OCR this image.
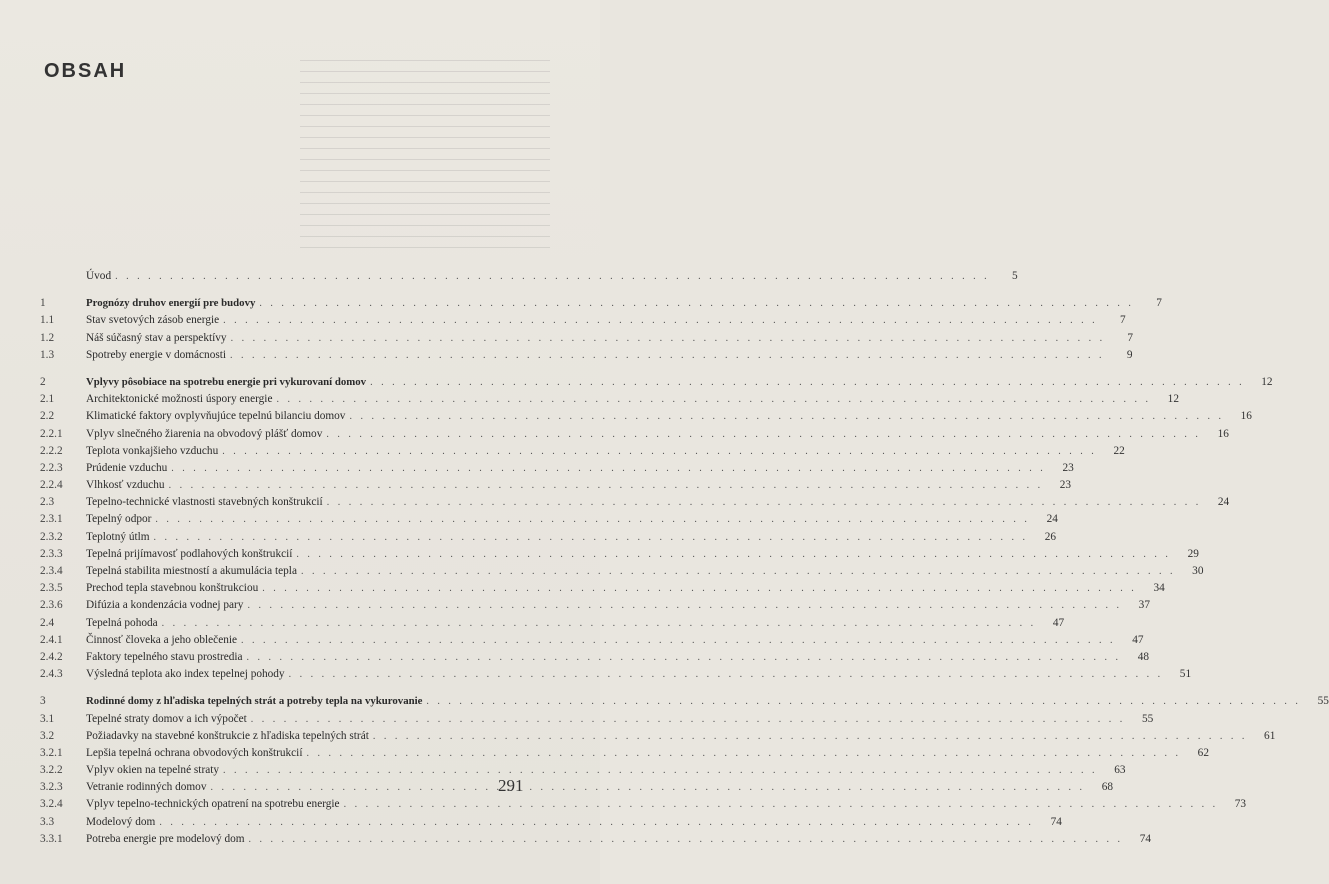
OBSAH
Úvod . . .	5
1	Prognózy druhov energií pre budovy . . .	7
1.1	Stav svetových zásob energie . . .	7
1.2	Náš súčasný stav a perspektívy . . .	7
1.3	Spotreby energie v domácnosti . . .	9
2	Vplyvy pôsobiace na spotrebu energie pri vykurovaní domov . . .	12
2.1	Architektonické možnosti úspory energie . . .	12
2.2	Klimatické faktory ovplyvňujúce tepelnú bilanciu domov . . .	16
2.2.1	Vplyv slnečného žiarenia na obvodový plášť domov . . .	16
2.2.2	Teplota vonkajšieho vzduchu . . .	22
2.2.3	Prúdenie vzduchu . . .	23
2.2.4	Vlhkosť vzduchu . . .	23
2.3	Tepelno-technické vlastnosti stavebných konštrukcií . . .	24
2.3.1	Tepelný odpor . . .	24
2.3.2	Teplotný útlm . . .	26
2.3.3	Tepelná prijímavosť podlahových konštrukcií . . .	29
2.3.4	Tepelná stabilita miestností a akumulácia tepla . . .	30
2.3.5	Prechod tepla stavebnou konštrukciou . . .	34
2.3.6	Difúzia a kondenzácia vodnej pary . . .	37
2.4	Tepelná pohoda . . .	47
2.4.1	Činnosť človeka a jeho oblečenie . . .	47
2.4.2	Faktory tepelného stavu prostredia . . .	48
2.4.3	Výsledná teplota ako index tepelnej pohody . . .	51
3	Rodinné domy z hľadiska tepelných strát a potreby tepla na vykurovanie . . .	55
3.1	Tepelné straty domov a ich výpočet . . .	55
3.2	Požiadavky na stavebné konštrukcie z hľadiska tepelných strát . . .	61
3.2.1	Lepšia tepelná ochrana obvodových konštrukcií . . .	62
3.2.2	Vplyv okien na tepelné straty . . .	63
3.2.3	Vetranie rodinných domov . . .	68
3.2.4	Vplyv tepelno-technických opatrení na spotrebu energie . . .	73
3.3	Modelový dom . . .	74
3.3.1	Potreba energie pre modelový dom . . .	74
291
